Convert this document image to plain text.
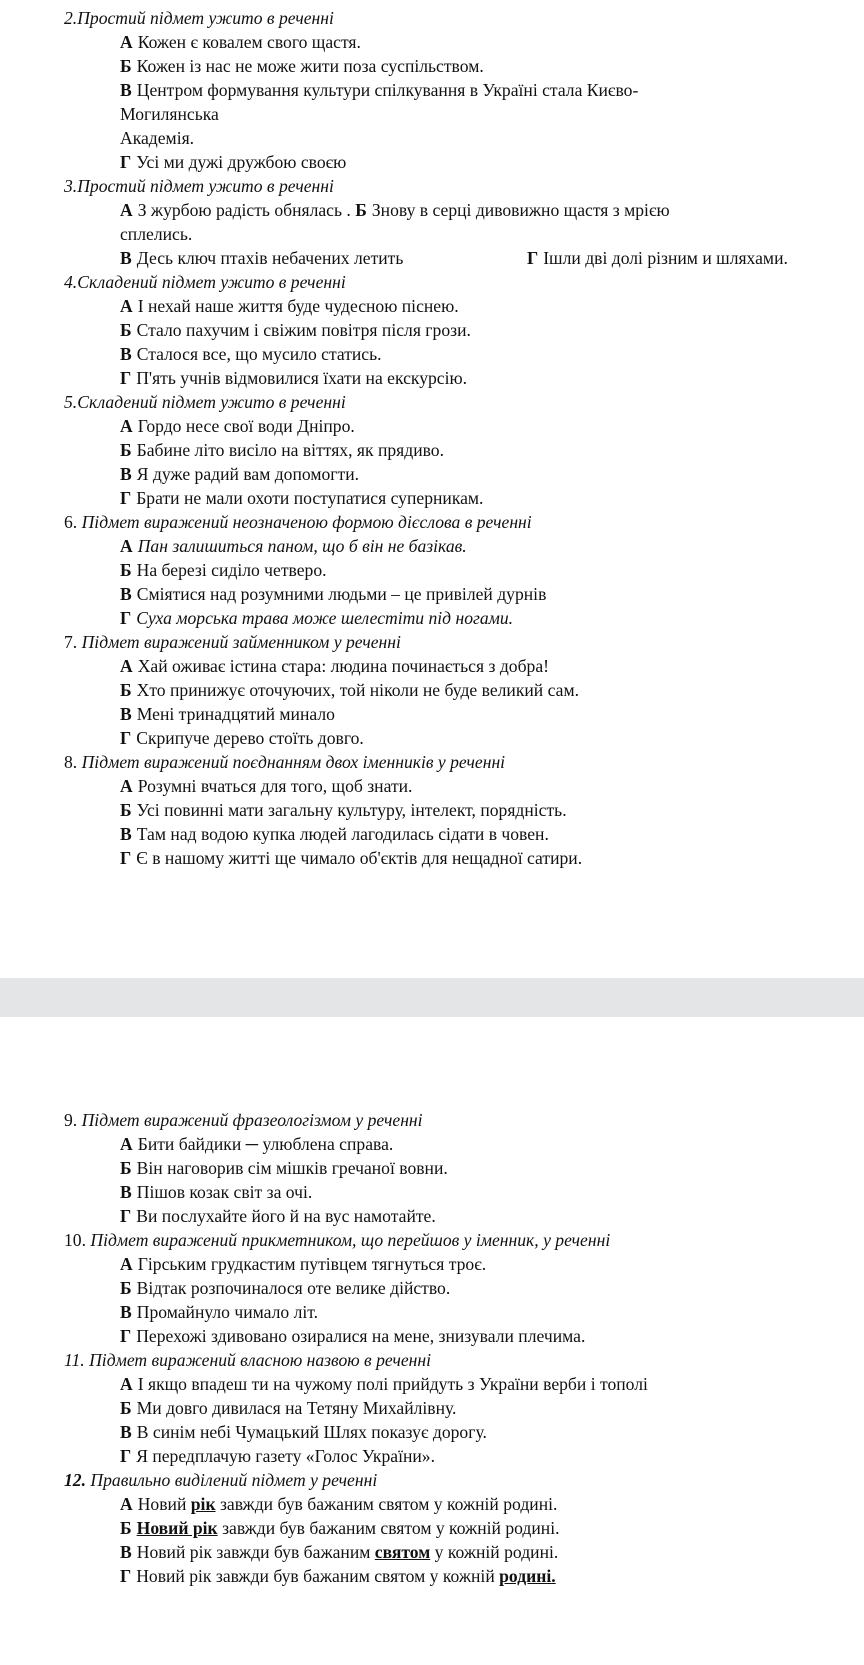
2.Простий підмет ужито в реченні
А Кожен є ковалем свого щастя.
Б Кожен із нас не може жити поза суспільством.
В Центром формування культури спілкування в Україні стала Києво-
Могилянська
Академія.
Г Усі ми дужі дружбою своєю
3.Простий підмет ужито в реченні
А З журбою радість обнялась . Б Знову в серці дивовижно щастя з мрією
сплелись.
В Десь ключ птахів небачених летить	Г Ішли дві долі різним и шляхами.
4.Складений підмет ужито в реченні
А І нехай наше життя буде чудесною піснею.
Б Стало пахучим і свіжим повітря після грози.
В Сталося все, що мусило статись.
Г П'ять учнів відмовилися їхати на екскурсію.
5.Складений підмет ужито в реченні
А Гордо несе свої води Дніпро.
Б Бабине літо висіло на віттях, як прядиво.
В Я дуже радий вам допомогти.
Г Брати не мали охоти поступатися суперникам.
6. Підмет виражений неозначеною формою дієслова в реченні
А Пан залишиться паном, що б він не базікав.
Б На березі сиділо четверо.
В Сміятися над розумними людьми – це привілей дурнів
Г Суха морська трава може шелестіти під ногами.
7. Підмет виражений займенником у реченні
А Хай оживає істина стара: людина починається з добра!
Б Хто принижує оточуючих, той ніколи не буде великий сам.
В Мені тринадцятий минало
Г Скрипуче дерево стоїть довго.
8. Підмет виражений поєднанням двох іменників у реченні
А Розумні вчаться для того, щоб знати.
Б Усі повинні мати загальну культуру, інтелект, порядність.
В Там над водою купка людей лагодилась сідати в човен.
Г Є в нашому житті ще чимало об'єктів для нещадної сатири.
9. Підмет виражений фразеологізмом у реченні
А Бити байдики ─ улюблена справа.
Б Він наговорив сім мішків гречаної вовни.
В Пішов козак світ за очі.
Г Ви послухайте його й на вус намотайте.
10. Підмет виражений прикметником, що перейшов у іменник, у реченні
А Гірським грудкастим путівцем тягнуться троє.
Б Відтак розпочиналося оте велике дійство.
В Промайнуло чимало літ.
Г Перехожі здивовано озиралися на мене, знизували плечима.
11. Підмет виражений власною назвою в реченні
А І якщо впадеш ти на чужому полі прийдуть з України верби і тополі
Б Ми довго дивилася на Тетяну Михайлівну.
В В синім небі Чумацький Шлях показує дорогу.
Г Я передплачую газету «Голос України».
12. Правильно виділений підмет у реченні
А Новий рік завжди був бажаним святом у кожній родині.
Б Новий рік завжди був бажаним святом у кожній родині.
В Новий рік завжди був бажаним святом у кожній родині.
Г Новий рік завжди був бажаним святом у кожній родині.
